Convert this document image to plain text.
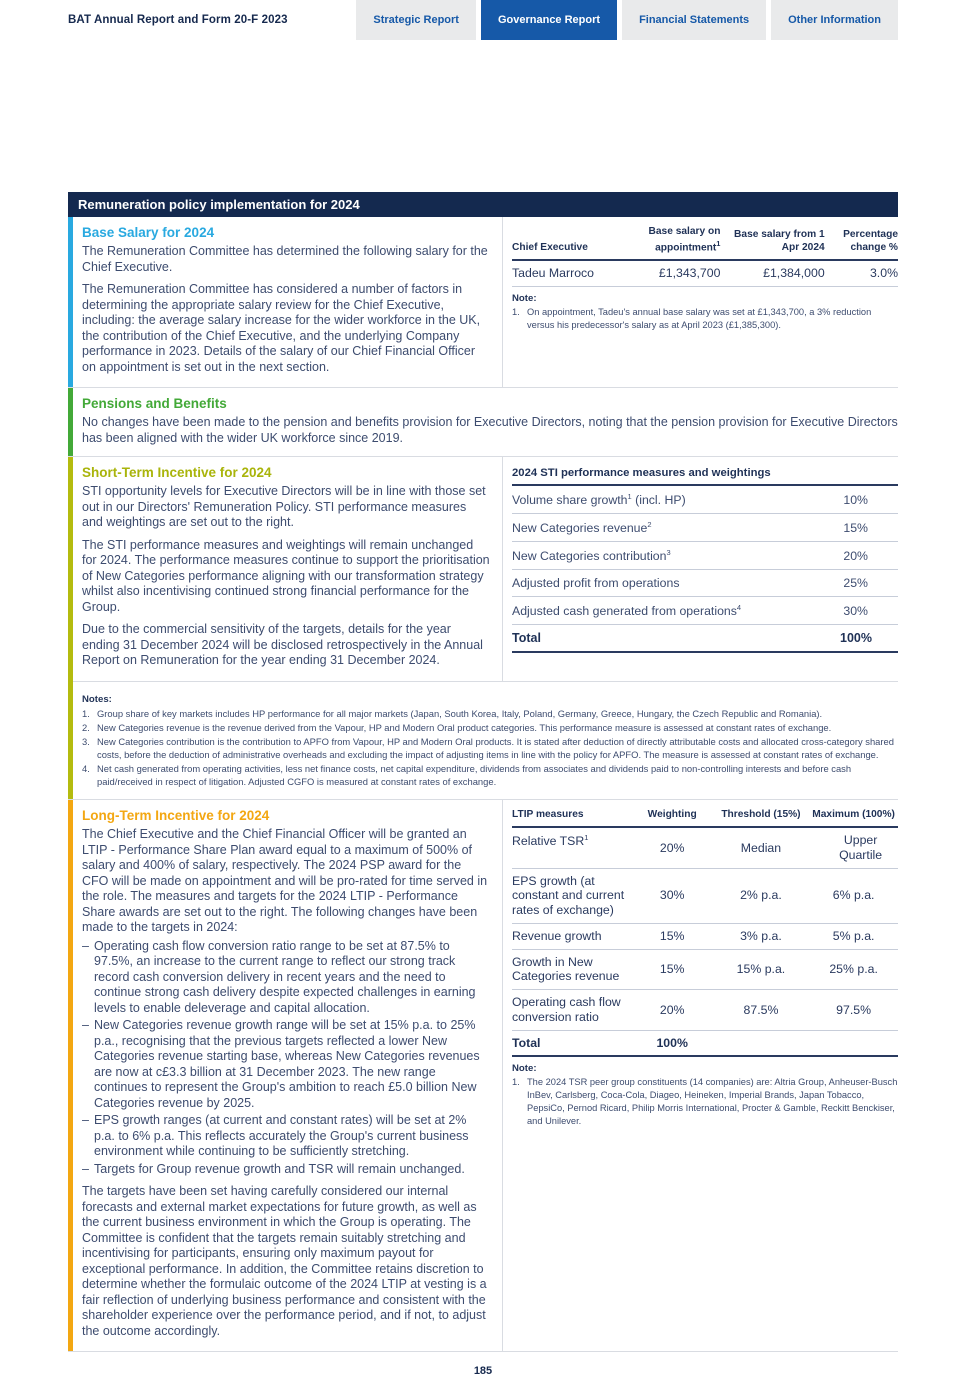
BAT Annual Report and Form 20-F 2023	Strategic Report	Governance Report	Financial Statements	Other Information
Remuneration policy implementation for 2024
Base Salary for 2024

The Remuneration Committee has determined the following salary for the Chief Executive.

The Remuneration Committee has considered a number of factors in determining the appropriate salary review for the Chief Executive, including: the average salary increase for the wider workforce in the UK, the contribution of the Chief Executive, and the underlying Company performance in 2023. Details of the salary of our Chief Financial Officer on appointment is set out in the next section.

Chief Executive	Base salary on appointment$^1$	Base salary from 1 Apr 2024	Percentage change %
Tadeu Marroco	£1,343,700	£1,384,000	3.0%
Note:
On appointment, Tadeu's annual base salary was set at £1,343,700, a 3% reduction versus his predecessor's salary as at April 2023 (£1,385,300).
Pensions and Benefits

No changes have been made to the pension and benefits provision for Executive Directors, noting that the pension provision for Executive Directors has been aligned with the wider UK workforce since 2019.

Short-Term Incentive for 2024

STI opportunity levels for Executive Directors will be in line with those set out in our Directors' Remuneration Policy. STI performance measures and weightings are set out to the right.

The STI performance measures and weightings will remain unchanged for 2024. The performance measures continue to support the prioritisation of New Categories performance aligning with our transformation strategy whilst also incentivising continued strong financial performance for the Group.

Due to the commercial sensitivity of the targets, details for the year ending 31 December 2024 will be disclosed retrospectively in the Annual Report on Remuneration for the year ending 31 December 2024.

2024 STI performance measures and weightings
Volume share growth$^1$ (incl. HP)	10%
New Categories revenue$^2$	15%
New Categories contribution$^3$	20%
Adjusted profit from operations	25%
Adjusted cash generated from operations$^4$	30%
Total	100%
Notes:
Group share of key markets includes HP performance for all major markets (Japan, South Korea, Italy, Poland, Germany, Greece, Hungary, the Czech Republic and Romania).
New Categories revenue is the revenue derived from the Vapour, HP and Modern Oral product categories. This performance measure is assessed at constant rates of exchange.
New Categories contribution is the contribution to APFO from Vapour, HP and Modern Oral products. It is stated after deduction of directly attributable costs and allocated cross-category shared costs, before the deduction of administrative overheads and excluding the impact of adjusting items in line with the policy for APFO. The measure is assessed at constant rates of exchange.
Net cash generated from operating activities, less net finance costs, net capital expenditure, dividends from associates and dividends paid to non-controlling interests and before cash paid/received in respect of litigation. Adjusted CGFO is measured at constant rates of exchange.
Long-Term Incentive for 2024

The Chief Executive and the Chief Financial Officer will be granted an LTIP - Performance Share Plan award equal to a maximum of 500% of salary and 400% of salary, respectively. The 2024 PSP award for the CFO will be made on appointment and will be pro-rated for time served in the role. The measures and targets for the 2024 LTIP - Performance Share awards are set out to the right. The following changes have been made to the targets in 2024:

– Operating cash flow conversion ratio range to be set at 87.5% to 97.5%, an increase to the current range to reflect our strong track record cash conversion delivery in recent years and the need to continue strong cash delivery despite expected challenges in earning levels to enable deleverage and capital allocation.
– New Categories revenue growth range will be set at 15% p.a. to 25% p.a., recognising that the previous targets reflected a lower New Categories revenue starting base, whereas New Categories revenues are now at c£3.3 billion at 31 December 2023. The new range continues to represent the Group's ambition to reach £5.0 billion New Categories revenue by 2025.
– EPS growth ranges (at current and constant rates) will be set at 2% p.a. to 6% p.a. This reflects accurately the Group's current business environment while continuing to be sufficiently stretching.
– Targets for Group revenue growth and TSR will remain unchanged.

The targets have been set having carefully considered our internal forecasts and external market expectations for future growth, as well as the current business environment in which the Group is operating. The Committee is confident that the targets remain suitably stretching and incentivising for participants, ensuring only maximum payout for exceptional performance. In addition, the Committee retains discretion to determine whether the formulaic outcome of the 2024 LTIP at vesting is a fair reflection of underlying business performance and consistent with the shareholder experience over the performance period, and if not, to adjust the outcome accordingly.

LTIP measures	Weighting	Threshold (15%)	Maximum (100%)
Relative TSR$^1$	20%	Median	Upper Quartile
EPS growth (at constant and current rates of exchange)	30%	2% p.a.	6% p.a.
Revenue growth	15%	3% p.a.	5% p.a.
Growth in New Categories revenue	15%	15% p.a.	25% p.a.
Operating cash flow conversion ratio	20%	87.5%	97.5%
Total	100%		
Note:
The 2024 TSR peer group constituents (14 companies) are: Altria Group, Anheuser-Busch InBev, Carlsberg, Coca-Cola, Diageo, Heineken, Imperial Brands, Japan Tobacco, PepsiCo, Pernod Ricard, Philip Morris International, Procter & Gamble, Reckitt Benckiser, and Unilever.
185
